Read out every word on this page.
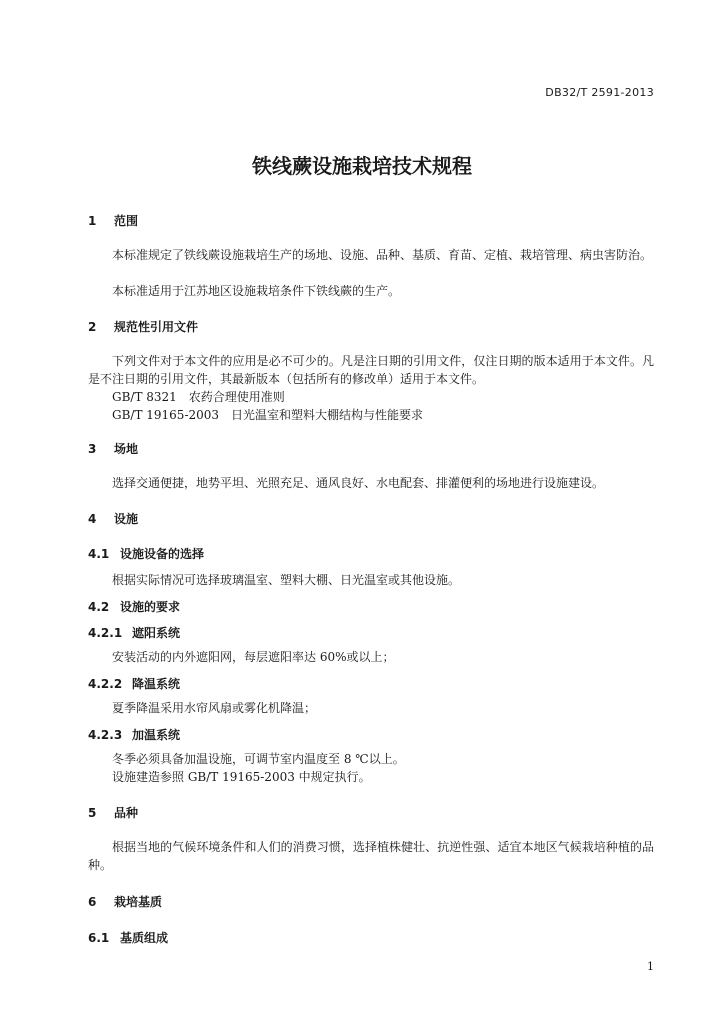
DB32/T 2591-2013
铁线蕨设施栽培技术规程
1 范围
本标准规定了铁线蕨设施栽培生产的场地、设施、品种、基质、育苗、定植、栽培管理、病虫害防治。
本标准适用于江苏地区设施栽培条件下铁线蕨的生产。
2 规范性引用文件
下列文件对于本文件的应用是必不可少的。凡是注日期的引用文件，仅注日期的版本适用于本文件。凡是不注日期的引用文件，其最新版本（包括所有的修改单）适用于本文件。
GB/T 8321　农药合理使用准则
GB/T 19165-2003　日光温室和塑料大棚结构与性能要求
3 场地
选择交通便捷，地势平坦、光照充足、通风良好、水电配套、排灌便利的场地进行设施建设。
4 设施
4.1 设施设备的选择
根据实际情况可选择玻璃温室、塑料大棚、日光温室或其他设施。
4.2 设施的要求
4.2.1 遮阳系统
安装活动的内外遮阳网，每层遮阳率达 60%或以上；
4.2.2 降温系统
夏季降温采用水帘风扇或雾化机降温；
4.2.3 加温系统
冬季必须具备加温设施，可调节室内温度至 8 ℃以上。
设施建造参照 GB/T 19165-2003 中规定执行。
5 品种
根据当地的气候环境条件和人们的消费习惯，选择植株健壮、抗逆性强、适宜本地区气候栽培种植的品种。
6 栽培基质
6.1 基质组成
1
